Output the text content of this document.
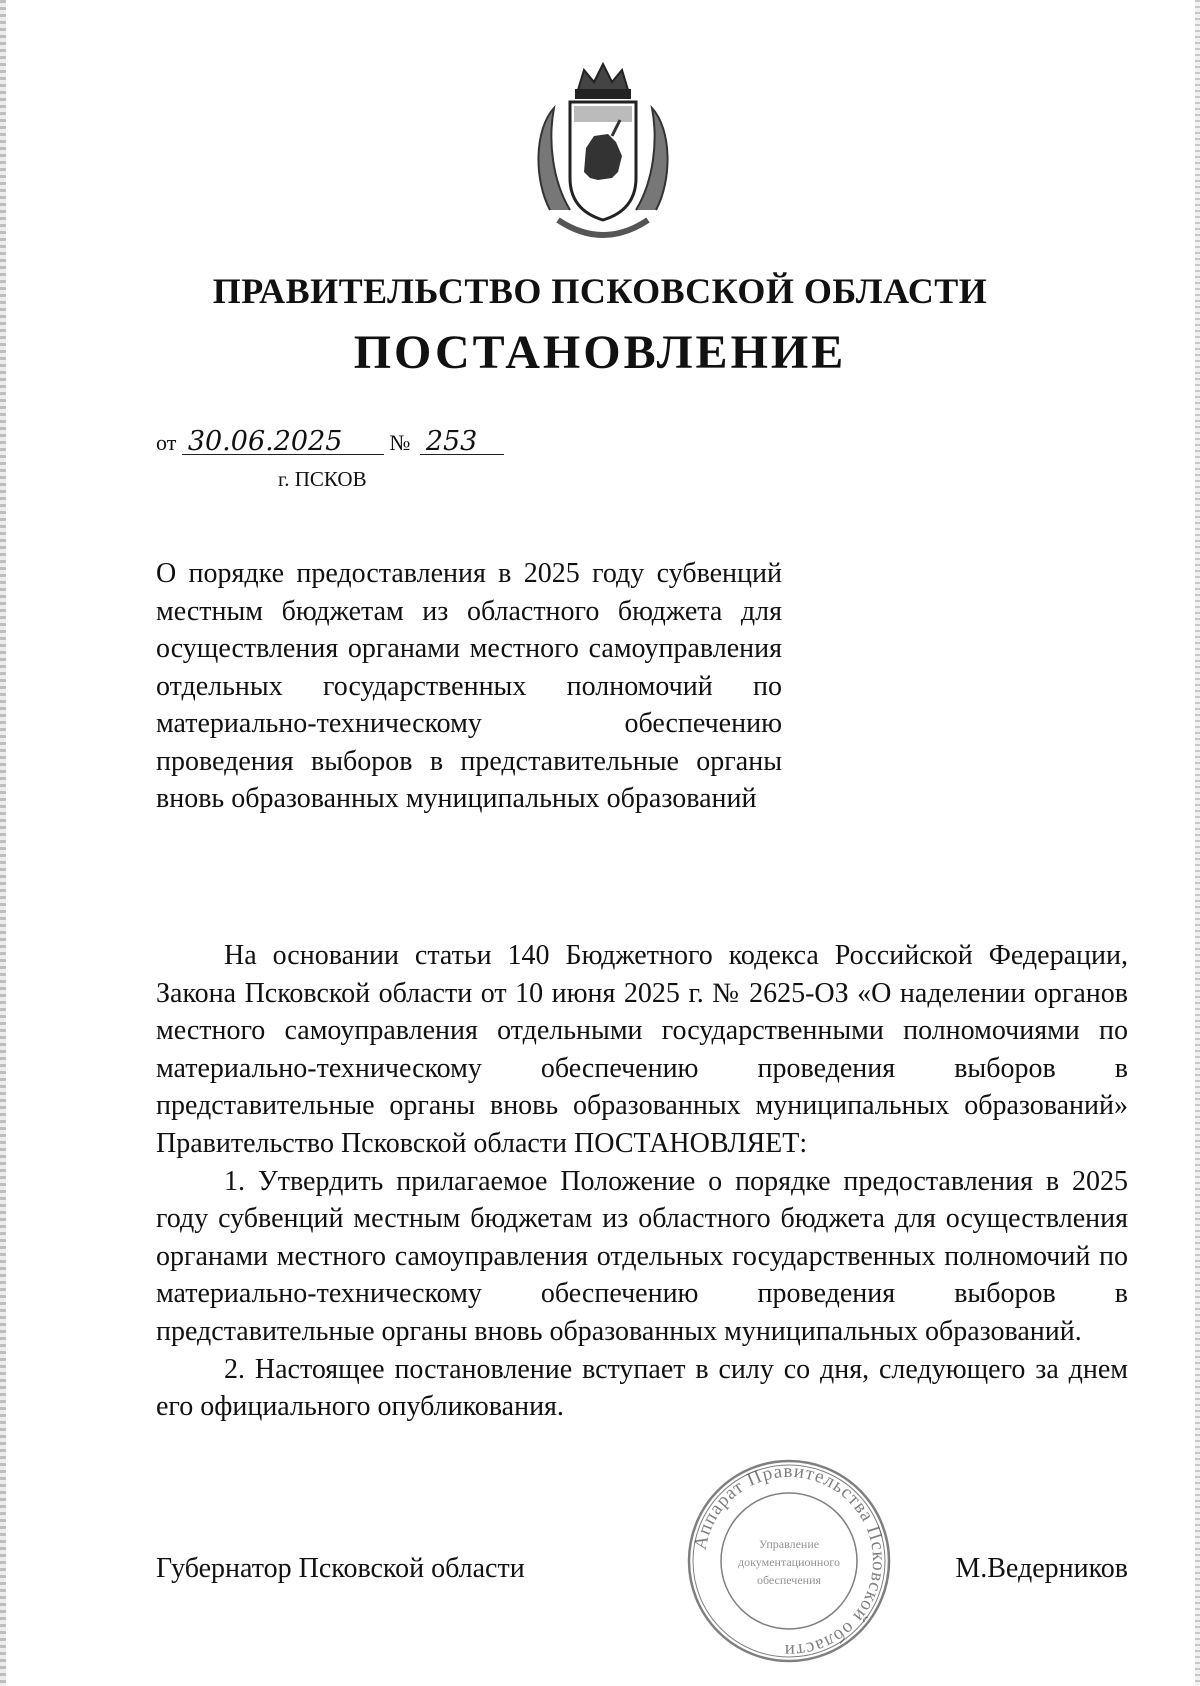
ПРАВИТЕЛЬСТВО ПСКОВСКОЙ ОБЛАСТИ
ПОСТАНОВЛЕНИЕ
от 30.06.2025 № 253
г. ПСКОВ
О порядке предоставления в 2025 году субвенций местным бюджетам из областного бюджета для осуществления органами местного самоуправления отдельных государственных полномочий по материально-техническому обеспечению проведения выборов в представительные органы вновь образованных муниципальных образований

На основании статьи 140 Бюджетного кодекса Российской Федерации, Закона Псковской области от 10 июня 2025 г. № 2625-ОЗ «О наделении органов местного самоуправления отдельными государственными полномочиями по материально-техническому обеспечению проведения выборов в представительные органы вновь образованных муниципальных образований» Правительство Псковской области ПОСТАНОВЛЯЕТ:

1. Утвердить прилагаемое Положение о порядке предоставления в 2025 году субвенций местным бюджетам из областного бюджета для осуществления органами местного самоуправления отдельных государственных полномочий по материально-техническому обеспечению проведения выборов в представительные органы вновь образованных муниципальных образований.

2. Настоящее постановление вступает в силу со дня, следующего за днем его официального опубликования.

Губернатор Псковской области	М.Ведерников
Аппарат Правительства Псковской области
Управление
документационного
обеспечения
